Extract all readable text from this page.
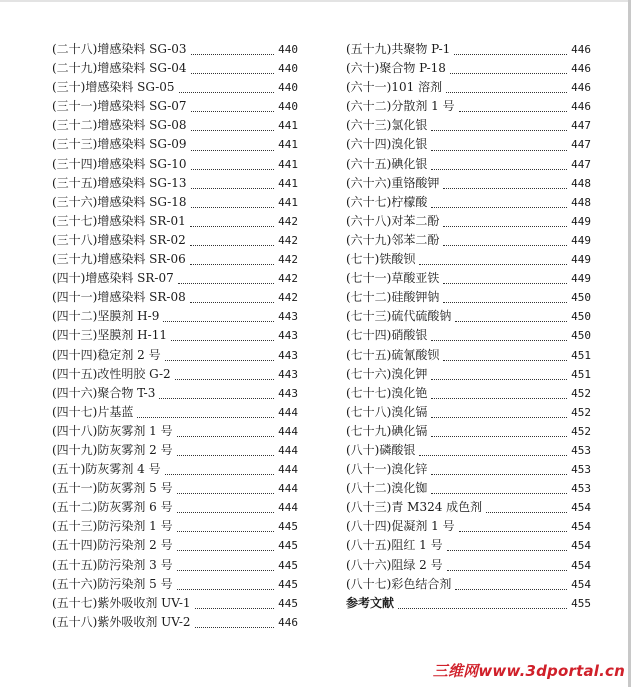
(二十八)增感染料 SG-03	440
(二十九)增感染料 SG-04	440
(三十)增感染料 SG-05	440
(三十一)增感染料 SG-07	440
(三十二)增感染料 SG-08	441
(三十三)增感染料 SG-09	441
(三十四)增感染料 SG-10	441
(三十五)增感染料 SG-13	441
(三十六)增感染料 SG-18	441
(三十七)增感染料 SR-01	442
(三十八)增感染料 SR-02	442
(三十九)增感染料 SR-06	442
(四十)增感染料 SR-07	442
(四十一)增感染料 SR-08	442
(四十二)坚膜剂 H-9	443
(四十三)坚膜剂 H-11	443
(四十四)稳定剂 2 号	443
(四十五)改性明胶 G-2	443
(四十六)聚合物 T-3	443
(四十七)片基蓝	444
(四十八)防灰雾剂 1 号	444
(四十九)防灰雾剂 2 号	444
(五十)防灰雾剂 4 号	444
(五十一)防灰雾剂 5 号	444
(五十二)防灰雾剂 6 号	444
(五十三)防污染剂 1 号	445
(五十四)防污染剂 2 号	445
(五十五)防污染剂 3 号	445
(五十六)防污染剂 5 号	445
(五十七)紫外吸收剂 UV-1	445
(五十八)紫外吸收剂 UV-2	446
(五十九)共聚物 P-1	446
(六十)聚合物 P-18	446
(六十一)101 溶剂	446
(六十二)分散剂 1 号	446
(六十三)氯化银	447
(六十四)溴化银	447
(六十五)碘化银	447
(六十六)重铬酸钾	448
(六十七)柠檬酸	448
(六十八)对苯二酚	449
(六十九)邻苯二酚	449
(七十)铁酸钡	449
(七十一)草酸亚铁	449
(七十二)硅酸钾钠	450
(七十三)硫代硫酸钠	450
(七十四)硝酸银	450
(七十五)硫氰酸钡	451
(七十六)溴化钾	451
(七十七)溴化铯	452
(七十八)溴化镉	452
(七十九)碘化镉	452
(八十)磷酸银	453
(八十一)溴化锌	453
(八十二)溴化铷	453
(八十三)青 M324 成色剂	454
(八十四)促凝剂 1 号	454
(八十五)阻红 1 号	454
(八十六)阻绿 2 号	454
(八十七)彩色结合剂	454
参考文献	455
三维网www.3dportal.cn
